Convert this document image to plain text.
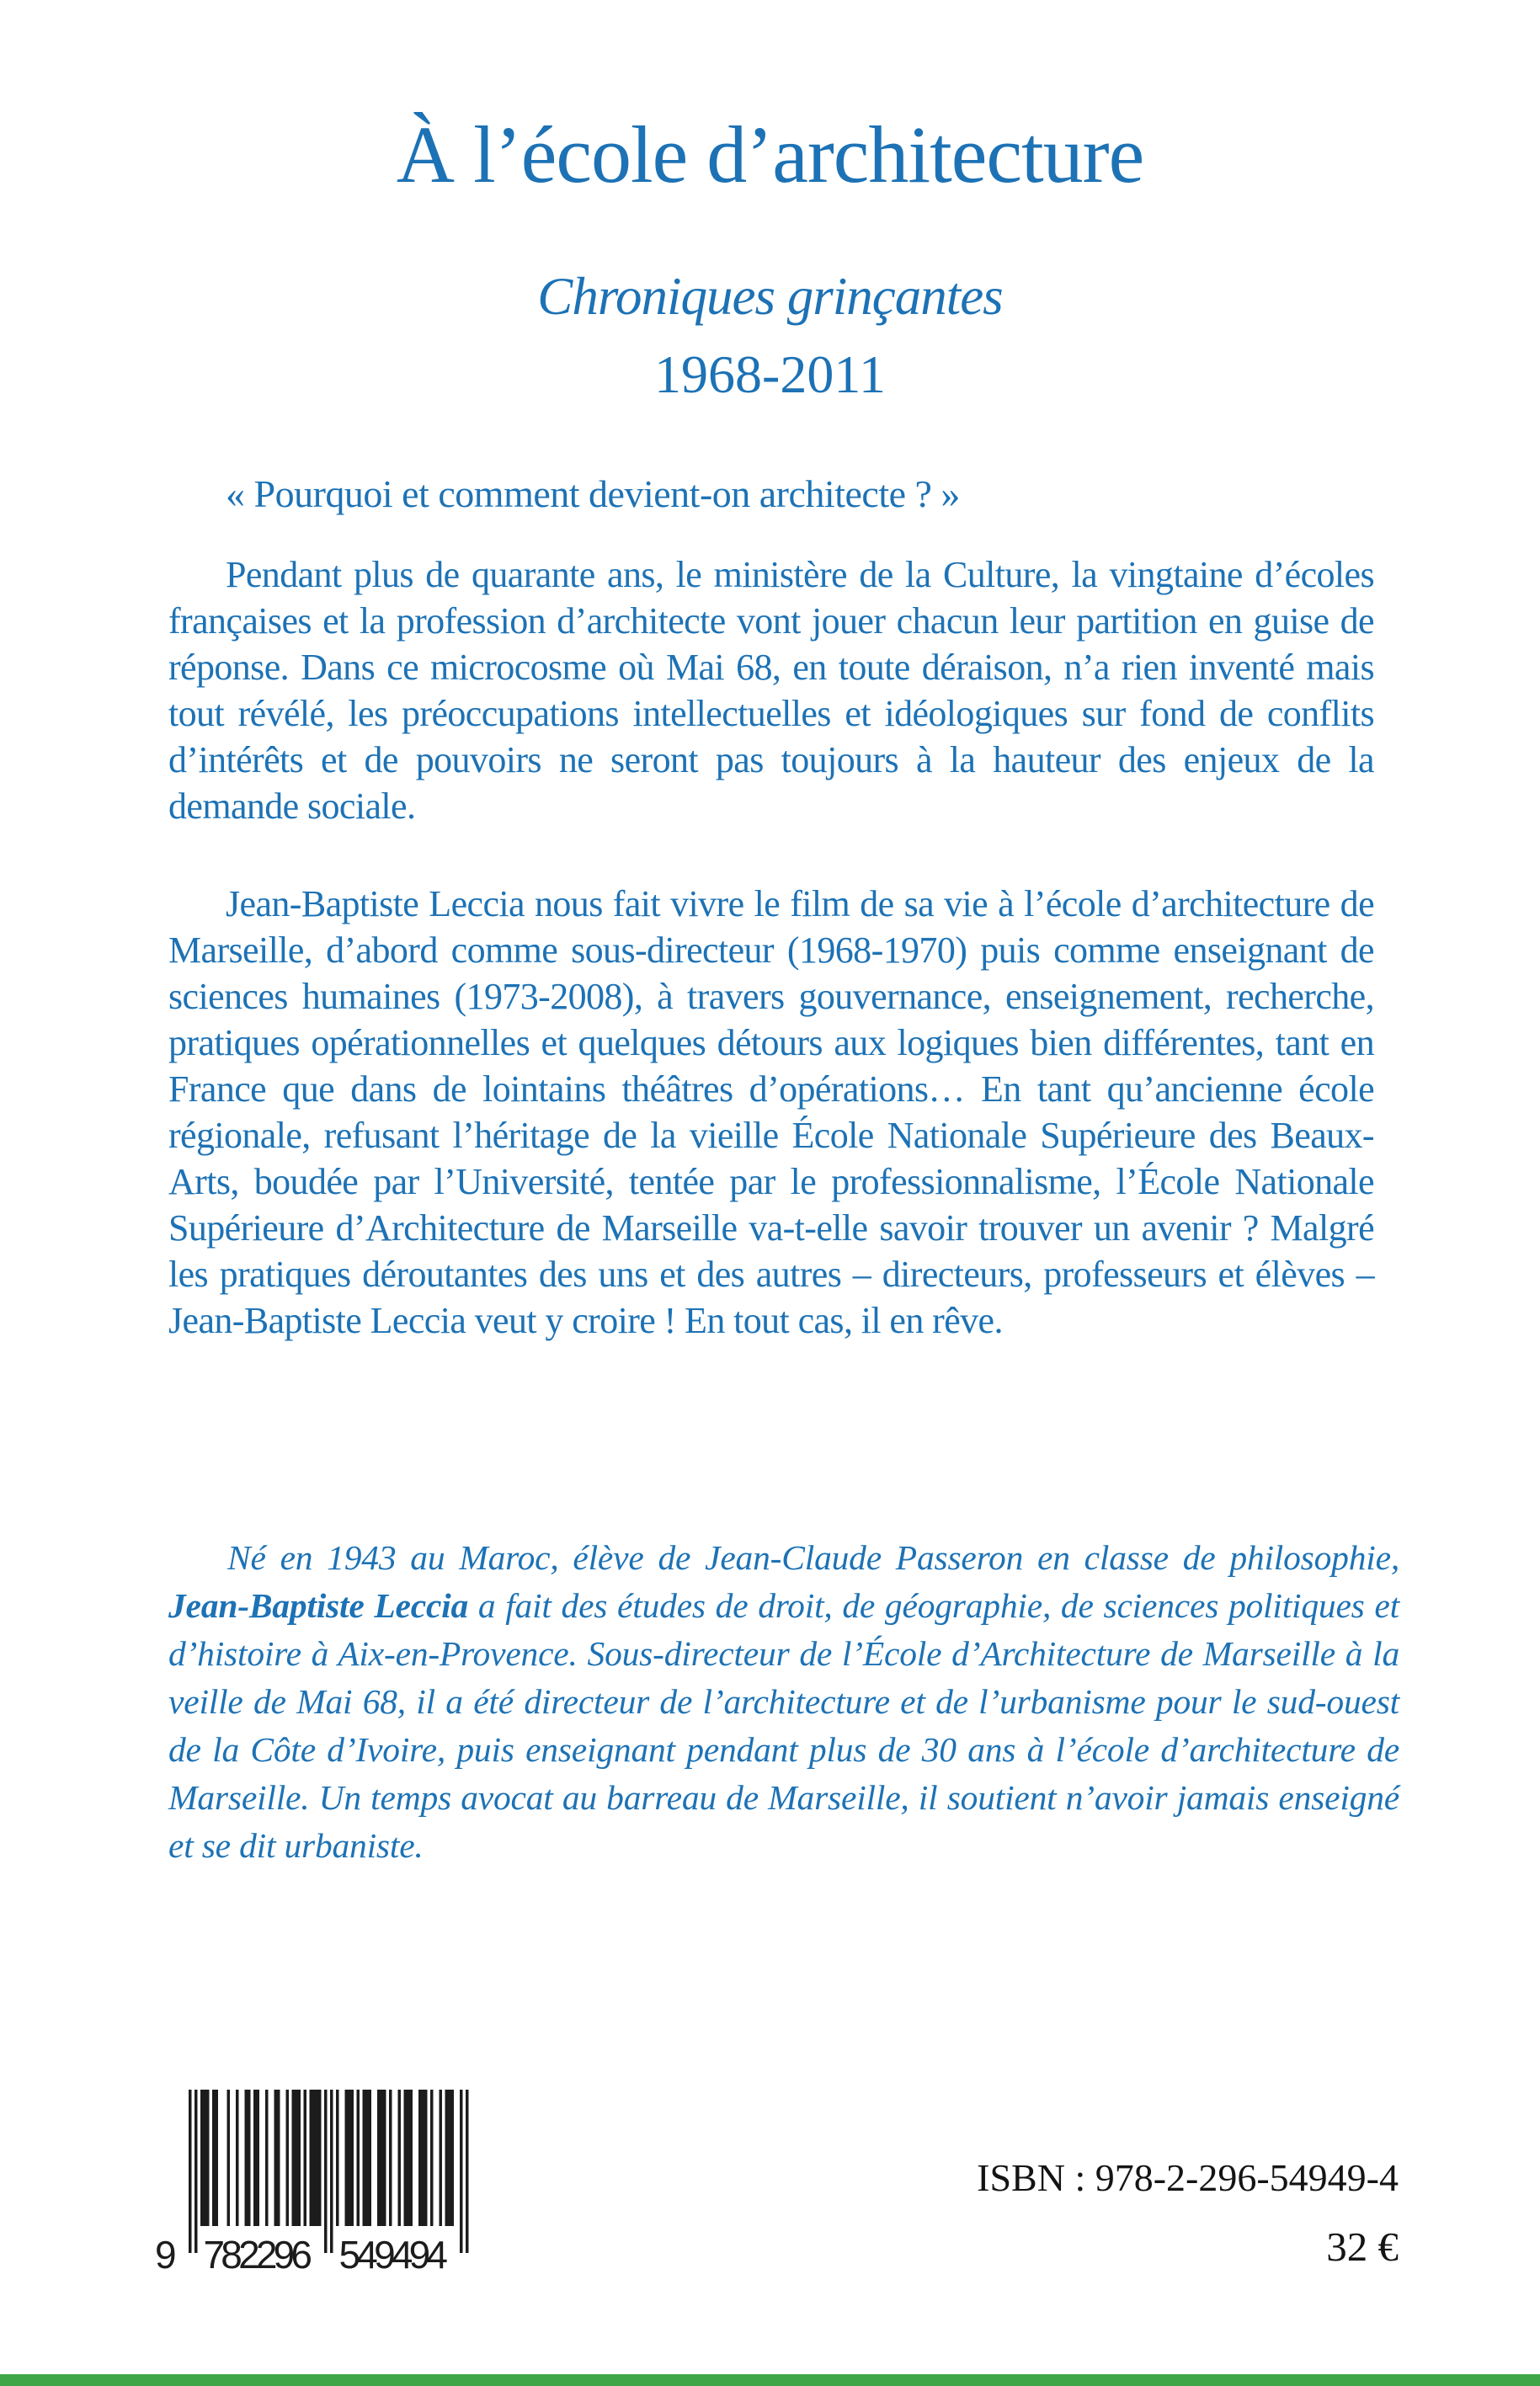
À l’école d’architecture
Chroniques grinçantes
1968-2011
« Pourquoi et comment devient-on architecte ? »

Pendant plus de quarante ans, le ministère de la Culture, la vingtaine d’écoles françaises et la profession d’architecte vont jouer chacun leur partition en guise de réponse. Dans ce microcosme où Mai 68, en toute déraison, n’a rien inventé mais tout révélé, les préoccupations intellectuelles et idéologiques sur fond de conflits d’intérêts et de pouvoirs ne seront pas toujours à la hauteur des enjeux de la demande sociale.

Jean-Baptiste Leccia nous fait vivre le film de sa vie à l’école d’architecture de Marseille, d’abord comme sous-directeur (1968-1970) puis comme enseignant de sciences humaines (1973-2008), à travers gouvernance, enseignement, recherche, pratiques opérationnelles et quelques détours aux logiques bien différentes, tant en France que dans de lointains théâtres d’opérations… En tant qu’ancienne école régionale, refusant l’héritage de la vieille École Nationale Supérieure des Beaux-Arts, boudée par l’Université, tentée par le professionnalisme, l’École Nationale Supérieure d’Architecture de Marseille va-t-elle savoir trouver un avenir ? Malgré les pratiques déroutantes des uns et des autres – directeurs, professeurs et élèves – Jean-Baptiste Leccia veut y croire ! En tout cas, il en rêve.

Né en 1943 au Maroc, élève de Jean-Claude Passeron en classe de philosophie, Jean-Baptiste Leccia a fait des études de droit, de géographie, de sciences politiques et d’histoire à Aix-en-Provence. Sous-directeur de l’École d’Architecture de Marseille à la veille de Mai 68, il a été directeur de l’architecture et de l’urbanisme pour le sud-ouest de la Côte d’Ivoire, puis enseignant pendant plus de 30 ans à l’école d’architecture de Marseille. Un temps avocat au barreau de Marseille, il soutient n’avoir jamais enseigné et se dit urbaniste.

9 782296 549494
ISBN : 978-2-296-54949-4
32 €
